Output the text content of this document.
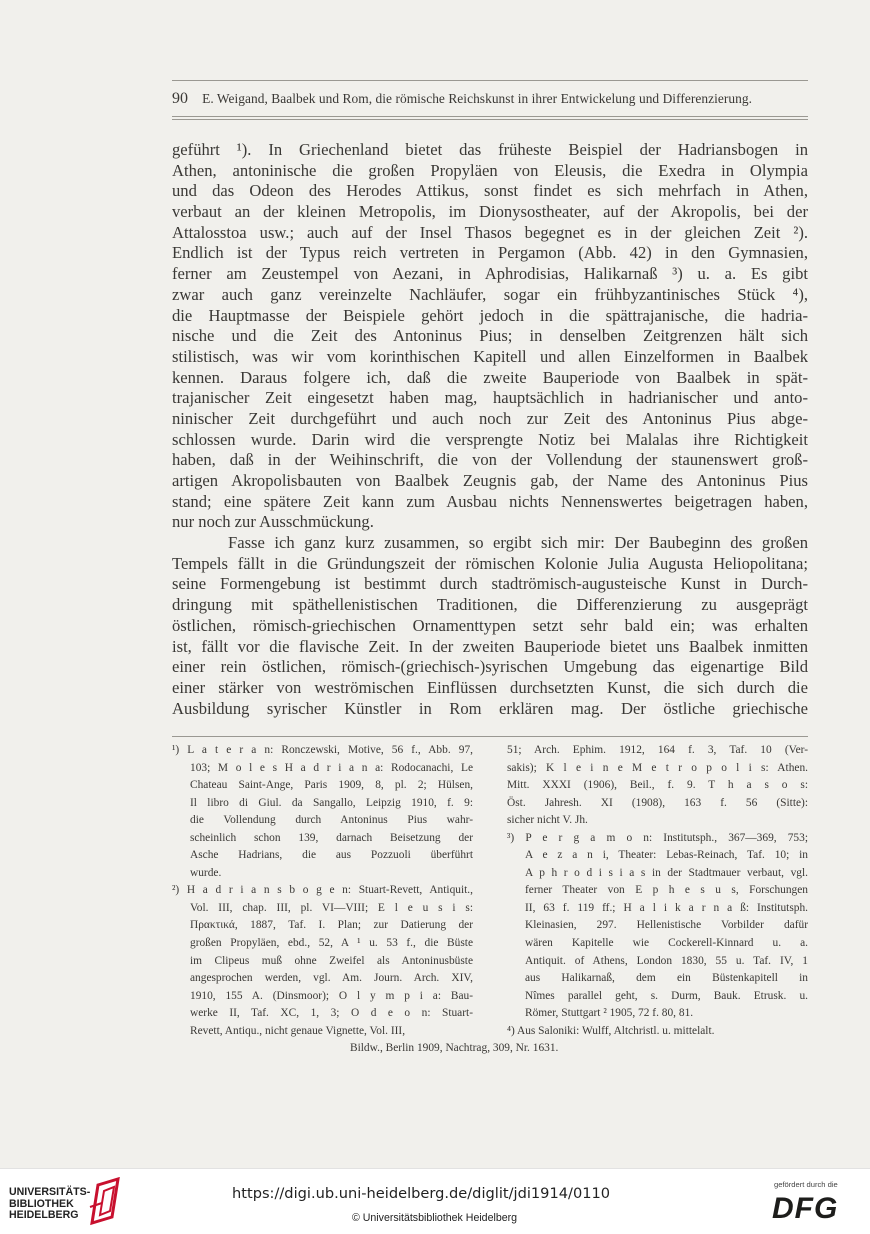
90 E. Weigand, Baalbek und Rom, die römische Reichskunst in ihrer Entwickelung und Differenzierung.
geführt ¹). In Griechenland bietet das früheste Beispiel der Hadriansbogen in
Athen, antoninische die großen Propyläen von Eleusis, die Exedra in Olympia
und das Odeon des Herodes Attikus, sonst findet es sich mehrfach in Athen,
verbaut an der kleinen Metropolis, im Dionysostheater, auf der Akropolis, bei der
Attalosstoa usw.; auch auf der Insel Thasos begegnet es in der gleichen Zeit ²).
Endlich ist der Typus reich vertreten in Pergamon (Abb. 42) in den Gymnasien,
ferner am Zeustempel von Aezani, in Aphrodisias, Halikarnaß ³) u. a. Es gibt
zwar auch ganz vereinzelte Nachläufer, sogar ein frühbyzantinisches Stück ⁴),
die Hauptmasse der Beispiele gehört jedoch in die spättrajanische, die hadria-
nische und die Zeit des Antoninus Pius; in denselben Zeitgrenzen hält sich
stilistisch, was wir vom korinthischen Kapitell und allen Einzelformen in Baalbek
kennen. Daraus folgere ich, daß die zweite Bauperiode von Baalbek in spät-
trajanischer Zeit eingesetzt haben mag, hauptsächlich in hadrianischer und anto-
ninischer Zeit durchgeführt und auch noch zur Zeit des Antoninus Pius abge-
schlossen wurde. Darin wird die versprengte Notiz bei Malalas ihre Richtigkeit
haben, daß in der Weihinschrift, die von der Vollendung der staunenswert groß-
artigen Akropolisbauten von Baalbek Zeugnis gab, der Name des Antoninus Pius
stand; eine spätere Zeit kann zum Ausbau nichts Nennenswertes beigetragen haben,
nur noch zur Ausschmückung.
Fasse ich ganz kurz zusammen, so ergibt sich mir: Der Baubeginn des großen
Tempels fällt in die Gründungszeit der römischen Kolonie Julia Augusta Heliopolitana;
seine Formengebung ist bestimmt durch stadtrömisch-augusteische Kunst in Durch-
dringung mit späthellenistischen Traditionen, die Differenzierung zu ausgeprägt
östlichen, römisch-griechischen Ornamenttypen setzt sehr bald ein; was erhalten
ist, fällt vor die flavische Zeit. In der zweiten Bauperiode bietet uns Baalbek inmitten
einer rein östlichen, römisch-(griechisch-)syrischen Umgebung das eigenartige Bild
einer stärker von weströmischen Einflüssen durchsetzten Kunst, die sich durch die
Ausbildung syrischer Künstler in Rom erklären mag. Der östliche griechische
¹) L a t e r a n: Ronczewski, Motive, 56 f., Abb. 97,
103; M o l e s H a d r i a n a: Rodocanachi, Le
Chateau Saint-Ange, Paris 1909, 8, pl. 2; Hülsen,
Il libro di Giul. da Sangallo, Leipzig 1910, f. 9:
die Vollendung durch Antoninus Pius wahr-
scheinlich schon 139, darnach Beisetzung der
Asche Hadrians, die aus Pozzuoli überführt
wurde.
²) H a d r i a n s b o g e n: Stuart-Revett, Antiquit.,
Vol. III, chap. III, pl. VI—VIII; E l e u s i s:
Πρακτικά, 1887, Taf. I. Plan; zur Datierung der
großen Propyläen, ebd., 52, A ¹ u. 53 f., die Büste
im Clipeus muß ohne Zweifel als Antoninusbüste
angesprochen werden, vgl. Am. Journ. Arch. XIV,
1910, 155 A. (Dinsmoor); O l y m p i a: Bau-
werke II, Taf. XC, 1, 3; O d e o n: Stuart-
Revett, Antiqu., nicht genaue Vignette, Vol. III,
51; Arch. Ephim. 1912, 164 f. 3, Taf. 10 (Ver-
sakis); K l e i n e M e t r o p o l i s: Athen.
Mitt. XXXI (1906), Beil., f. 9. T h a s o s:
Öst. Jahresh. XI (1908), 163 f. 56 (Sitte):
sicher nicht V. Jh.
³) P e r g a m o n: Institutsph., 367—369, 753;
A e z a n i, Theater: Lebas-Reinach, Taf. 10; in
A p h r o d i s i a s in der Stadtmauer verbaut, vgl.
ferner Theater von E p h e s u s, Forschungen
II, 63 f. 119 ff.; H a l i k a r n a ß: Institutsph.
Kleinasien, 297. Hellenistische Vorbilder dafür
wären Kapitelle wie Cockerell-Kinnard u. a.
Antiquit. of Athens, London 1830, 55 u. Taf. IV, 1
aus Halikarnaß, dem ein Büstenkapitell in
Nîmes parallel geht, s. Durm, Bauk. Etrusk. u.
Römer, Stuttgart ² 1905, 72 f. 80, 81.
⁴) Aus Saloniki: Wulff, Altchristl. u. mittelalt.
Bildw., Berlin 1909, Nachtrag, 309, Nr. 1631.
UNIVERSITÄTS-
BIBLIOTHEK
HEIDELBERG
https://digi.ub.uni-heidelberg.de/diglit/jdi1914/0110
© Universitätsbibliothek Heidelberg
gefördert durch die
DFG
